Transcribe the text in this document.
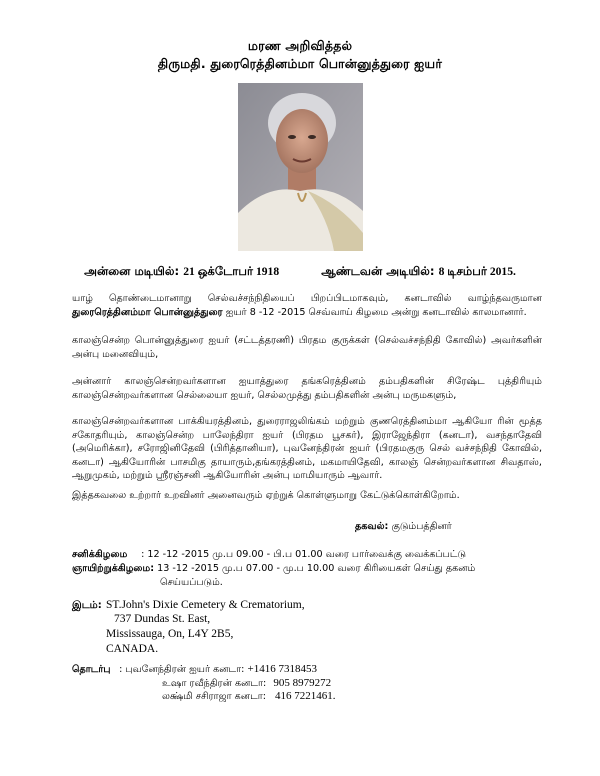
மரண அறிவித்தல்
திருமதி. துரைரெத்தினம்மா பொன்னுத்துரை ஐயர்
அன்னை மடியில்: 21 ஒக்டோபர் 1918	ஆண்டவன் அடியில்: 8 டிசம்பர் 2015.
யாழ் தொண்டைமானாறு செல்வச்சந்நிதியைப் பிறப்பிடமாகவும், கனடாவில் வாழ்ந்தவருமான துரைரெத்தினம்மா பொன்னுத்துரை ஐயர் 8 -12 -2015 செவ்வாய் கிழமை அன்று கனடாவில் காலமானார்.
காலஞ்சென்ற பொன்னுத்துரை ஐயர் (சட்டத்தரணி) பிரதம குருக்கள் (செல்வச்சந்நிதி கோவில்) அவர்களின் அன்பு மனைவியும்,
அன்னார் காலஞ்சென்றவர்களான ஐயாத்துரை தங்கரெத்தினம் தம்பதிகளின் சிரேஷ்ட புத்திரியும் காலஞ்சென்றவர்களான செல்லையா ஐயர், செல்லமுத்து தம்பதிகளின் அன்பு மருமகளும்,
காலஞ்சென்றவர்களான பாக்கியரத்தினம், துரைராஜலிங்கம் மற்றும் குணரெத்தினம்மா ஆகியோ ரின் மூத்த சகோதரியும், காலஞ்சென்ற பாலேந்திரா ஐயர் (பிரதம பூசகர்), இராஜேந்திரா (கனடா), வசந்தாதேவி (அமெரிக்கா), சரோஜினிதேவி (பிரித்தானியா), புவனேந்திரன் ஐயர் (பிரதமகுரு செல் வச்சந்நிதி கோவில், கனடா) ஆகியோரின் பாசமிகு தாயாரும்,தங்கரத்தினம், மகமாயிதேவி, காலஞ் சென்றவர்களான சிவதாஸ், ஆறுமுகம், மற்றும் ஸ்ரீரஞ்சனி ஆகியோரின் அன்பு மாமியாரும் ஆவார்.
இத்தகவலை உற்றார் உறவினர் அனைவரும் ஏற்றுக் கொள்ளுமாறு கேட்டுக்கொள்கிறோம்.
தகவல்: குடும்பத்தினர்
சனிக்கிழமை : 12 -12 -2015 மு.ப 09.00 - பி.ப 01.00 வரை பார்வைக்கு வைக்கப்பட்டு
ஞாயிற்றுக்கிழமை: 13 -12 -2015 மு.ப 07.00 - மு.ப 10.00 வரை கிரியைகள் செய்து தகனம்
செய்யப்படும்.
இடம்: ST.John's Dixie Cemetery & Crematorium,
737 Dundas St. East,
Mississauga, On, L4Y 2B5,
CANADA.
தொடர்பு : புவனேந்திரன் ஐயர் கனடா: +1416 7318453
உஷா ரவீந்திரன் கனடா: 905 8979272
லக்ஷ்மி சசிராஜா கனடா: 416 7221461.
